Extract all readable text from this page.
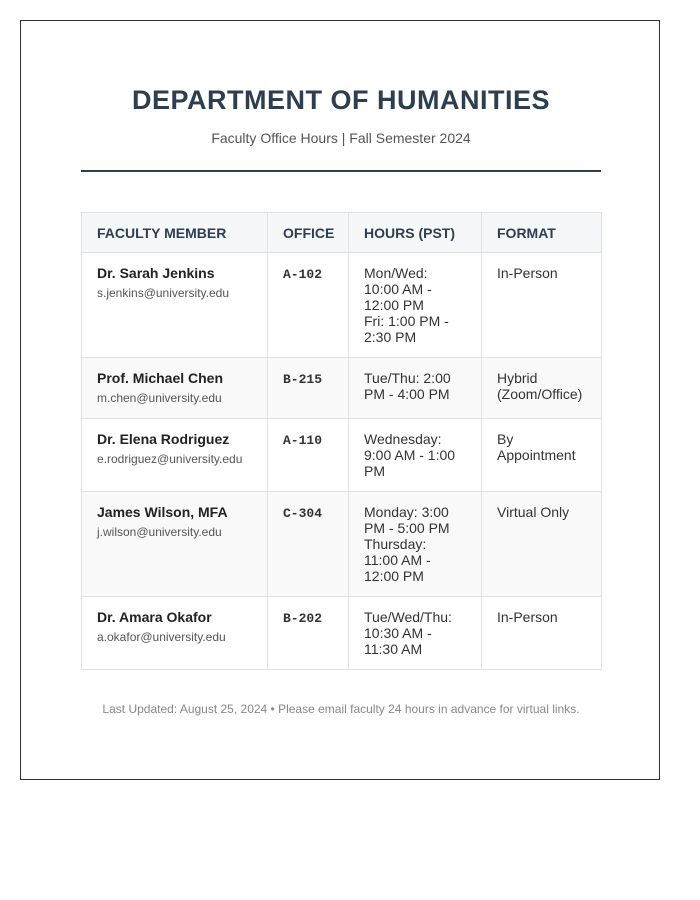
DEPARTMENT OF HUMANITIES
Faculty Office Hours | Fall Semester 2024
FACULTY MEMBER	OFFICE	HOURS (PST)	FORMAT

Dr. Sarah Jenkins
s.jenkins@university.edu	A-102	Mon/Wed:
10:00 AM -
12:00 PM
Fri: 1:00 PM -
2:30 PM	In-Person

Prof. Michael Chen
m.chen@university.edu	B-215	Tue/Thu: 2:00
PM - 4:00 PM	Hybrid
(Zoom/Office)

Dr. Elena Rodriguez
e.rodriguez@university.edu	A-110	Wednesday:
9:00 AM - 1:00
PM	By
Appointment

James Wilson, MFA
j.wilson@university.edu	C-304	Monday: 3:00
PM - 5:00 PM
Thursday:
11:00 AM -
12:00 PM	Virtual Only

Dr. Amara Okafor
a.okafor@university.edu	B-202	Tue/Wed/Thu:
10:30 AM -
11:30 AM	In-Person
Last Updated: August 25, 2024 • Please email faculty 24 hours in advance for virtual links.
